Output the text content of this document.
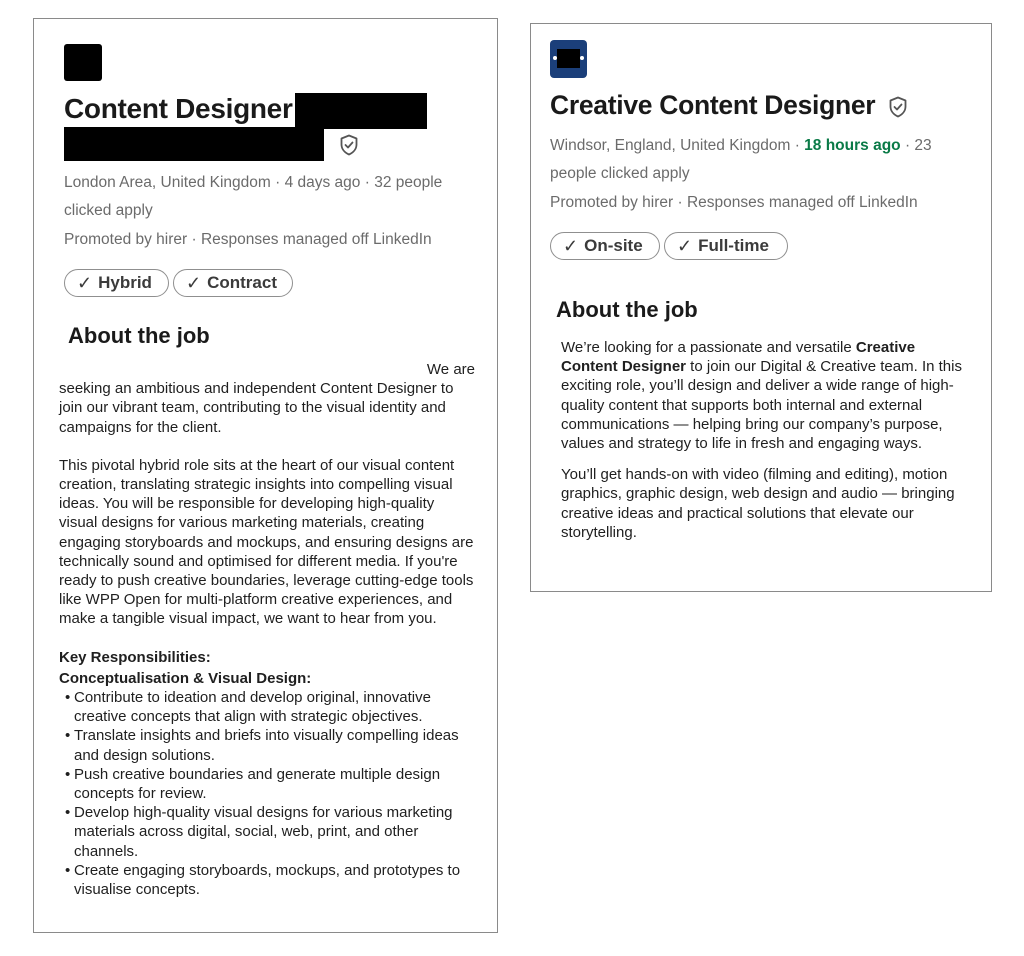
Content Designer
London Area, United Kingdom · 4 days ago · 32 people clicked apply
Promoted by hirer · Responses managed off LinkedIn
✓ Hybrid ✓ Contract
About the job

We are

seeking an ambitious and independent Content Designer to join our vibrant team, contributing to the visual identity and campaigns for the client.

This pivotal hybrid role sits at the heart of our visual content creation, translating strategic insights into compelling visual ideas. You will be responsible for developing high-quality visual designs for various marketing materials, creating engaging storyboards and mockups, and ensuring designs are technically sound and optimised for different media. If you're ready to push creative boundaries, leverage cutting-edge tools like WPP Open for multi-platform creative experiences, and make a tangible visual impact, we want to hear from you.

Key Responsibilities:

Conceptualisation & Visual Design:

• Contribute to ideation and develop original, innovative creative concepts that align with strategic objectives.
• Translate insights and briefs into visually compelling ideas and design solutions.
• Push creative boundaries and generate multiple design concepts for review.
• Develop high-quality visual designs for various marketing materials across digital, social, web, print, and other channels.
• Create engaging storyboards, mockups, and prototypes to visualise concepts.
Creative Content Designer
Windsor, England, United Kingdom · 18 hours ago · 23 people clicked apply
Promoted by hirer · Responses managed off LinkedIn
✓ On-site ✓ Full-time
About the job

We’re looking for a passionate and versatile Creative Content Designer to join our Digital & Creative team. In this exciting role, you’ll design and deliver a wide range of high-quality content that supports both internal and external communications — helping bring our company’s purpose, values and strategy to life in fresh and engaging ways.

You’ll get hands-on with video (filming and editing), motion graphics, graphic design, web design and audio — bringing creative ideas and practical solutions that elevate our storytelling.
